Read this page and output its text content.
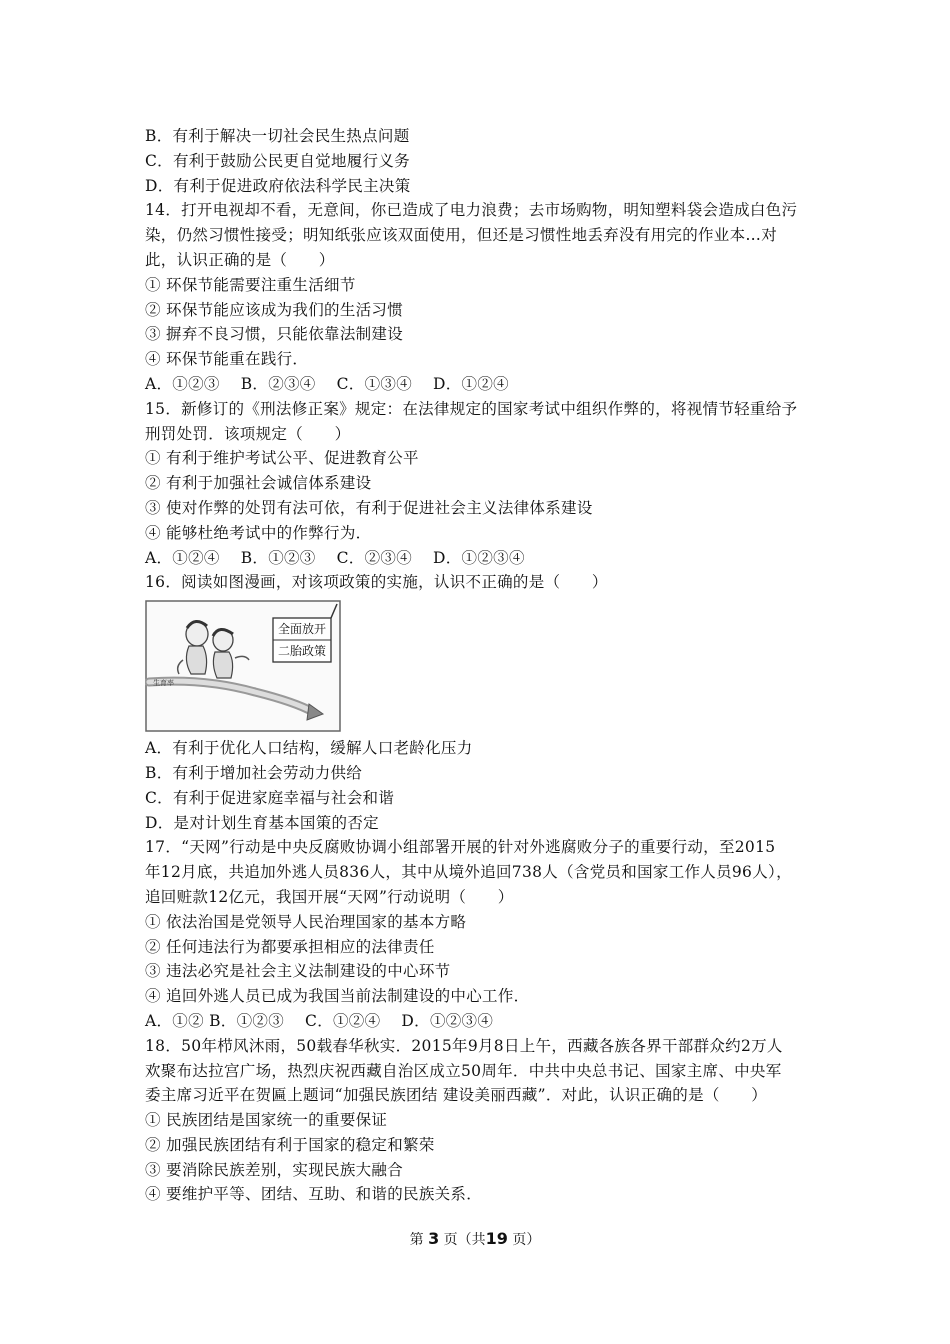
B．有利于解决一切社会民生热点问题
C．有利于鼓励公民更自觉地履行义务
D．有利于促进政府依法科学民主决策
14．打开电视却不看，无意间，你已造成了电力浪费；去市场购物，明知塑料袋会造成白色污
染，仍然习惯性接受；明知纸张应该双面使用，但还是习惯性地丢弃没有用完的作业本…对
此，认识正确的是（　　）
① 环保节能需要注重生活细节
② 环保节能应该成为我们的生活习惯
③ 摒弃不良习惯，只能依靠法制建设
④ 环保节能重在践行．
A．①②③　 B．②③④　 C．①③④　 D．①②④
15．新修订的《刑法修正案》规定：在法律规定的国家考试中组织作弊的，将视情节轻重给予
刑罚处罚．该项规定（　　）
① 有利于维护考试公平、促进教育公平
② 有利于加强社会诚信体系建设
③ 使对作弊的处罚有法可依，有利于促进社会主义法律体系建设
④ 能够杜绝考试中的作弊行为．
A．①②④　 B．①②③　 C．②③④　 D．①②③④
16．阅读如图漫画，对该项政策的实施，认识不正确的是（　　）
全面放开
二胎政策
生育率
A．有利于优化人口结构，缓解人口老龄化压力
B．有利于增加社会劳动力供给
C．有利于促进家庭幸福与社会和谐
D．是对计划生育基本国策的否定
17．“天网”行动是中央反腐败协调小组部署开展的针对外逃腐败分子的重要行动，至2015
年12月底，共追加外逃人员836人，其中从境外追回738人（含党员和国家工作人员96人），
追回赃款12亿元，我国开展“天网”行动说明（　　）
① 依法治国是党领导人民治理国家的基本方略
② 任何违法行为都要承担相应的法律责任
③ 违法必究是社会主义法制建设的中心环节
④ 追回外逃人员已成为我国当前法制建设的中心工作．
A．①② B．①②③　 C．①②④　 D．①②③④
18．50年栉风沐雨，50载春华秋实．2015年9月8日上午，西藏各族各界干部群众约2万人
欢聚布达拉宫广场，热烈庆祝西藏自治区成立50周年．中共中央总书记、国家主席、中央军
委主席习近平在贺匾上题词“加强民族团结 建设美丽西藏”．对此，认识正确的是（　　）
① 民族团结是国家统一的重要保证
② 加强民族团结有利于国家的稳定和繁荣
③ 要消除民族差别，实现民族大融合
④ 要维护平等、团结、互助、和谐的民族关系．
第 3 页（共19 页）
